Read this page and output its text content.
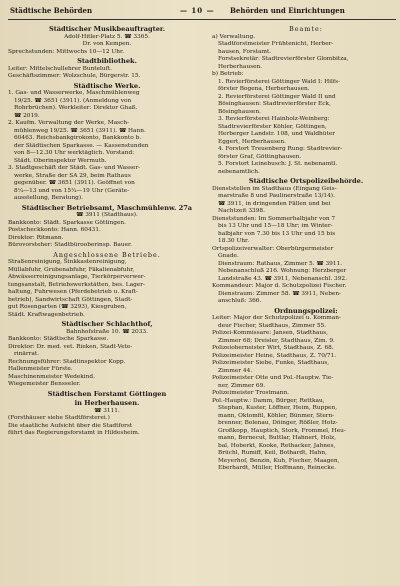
Städtische Behörden	— 10 — Behörden und Einrichtungen
Städtischer Musikbeauftragter.
Adolf-Hitler-Platz 5. ☎ 3365.
Dr. von Kempen.
Sprechstunden: Mittwochs 10—12 Uhr.
Stadtbibliothek.
Leiter: Mittelschullehrer Bunteluft.
Geschäftszimmer: Wolzschule, Bürgerstr. 15.
Städtische Werke.
1. Gas- und Wasserwerke, Maschmühlenweg
19/25. ☎ 3651 (3911). (Anmeldung von
Rohrbrüchen). Werkleiter: Direktor Ghaß.
☎ 2019.
2. Kaufm. Verwaltung der Werke, Masch-
mühlenweg 19/25. ☎ 3651 (3911). ☎ Hann.
60463. Reichsbankgirokonto, Bankkonto b.
der Städtischen Sparkasse. — Kassenstunden
von 8—12.30 Uhr werktäglich. Vorstand:
Städt. Oberinspektor Wermuth.
3. Stadtgeschäft der Städt. Gas- und Wasser-
werke, Straße der SA 29, beim Rathaus
gegenüber. ☎ 3651 (3911). Geöffnet von
8¼—13 und von 15¼—19 Uhr (Geräte-
ausstellung, Beratung).
Städtischer Betriebsamt, Maschmühlenw. 27a
☎ 3911 (Stadthaus).
Bankkonto: Städt. Sparkasse Göttingen.
Postscheckkonto: Hann. 60431.
Direktor: Ritmann.
Bürovorsteher: Stadtbürooberinsp. Bauer.
Angeschlossene Betriebe.
Straßenreinigung, Sinkkastenreinigung,
Müllabfuhr, Grubenabfuhr, Fäkalienabfuhr,
Abwässerreinigungsanlage, Tierkörperverwer-
tungsanstalt, Betriebswerkstätten, bes. Lager-
haltung, Fuhrwesen (Pferdebetrieb u. Kraft-
betrieb), Sandwirtschaft Göttingen, Stadt-
gut Rosengarten (☎ 3293), Kiesgruben,
Städt. Kraftwagenbetrieb.
Städtischer Schlachthof,
Bahnhofstraße 10. ☎ 2033.
Bankkonto: Städtische Sparkasse.
Direktor: Dr. med. vet. Rieken, Stadt-Vete-
rinärrat.
Rechnungsführer: Stadtinspektor Kopp.
Hallenmeister Fürste.
Maschinenmeister Wedekind.
Wiegemeister Bensseler.
Städtischen Forstamt Göttingen
in Herberhausen.
☎ 3111.
(Forsthäuser siehe Stadtförsterei.)
Die staatliche Aufsicht über die Stadtforst
führt das Regierungsforstamt in Hildesheim.
Beamte:
a) Verwaltung.
Stadtforstmeister Frühtenicht, Herber-
hausen, Forstamt.
Forstsekretär: Stadtrevierförster Glombitza,
Herberhausen.
b) Betrieb:
1. Revierförsterei Göttinger Wald I: Hilfs-
förster Bogena, Herberhausen.
2. Revierförsterei Göttinger Wald II und
Bösinghausen: Stadtrevierförster Eck,
Bösinghausen.
3. Revierförsterei Hainholz-Weinberg:
Stadtrevierförster Köhler, Göttingen,
Herberger Landstr. 108, und Waldhüter
Eggert, Herberhausen.
4. Forstort Treuenberg Rung: Stadtrevier-
förster Graf, Göttinghausen.
5. Forstort Leinebusch: J. St. nebenamtl.
nebenamtlich.
Städtische Ortspolizeibehörde.
Dienststellen im Stadthaus (Eingang Geis-
marstraße 8 und Paulinerstraße 13/14).
☎ 3911, in dringenden Fällen und bei
Nachtzeit 3398.
Dienststunden: Im Sommerhalbjahr von 7
bis 13 Uhr und 15—18 Uhr; im Winter-
halbjahr von 7.30 bis 13 Uhr und 15 bis
18.30 Uhr.
Ortspolizeiverwalter: Oberbürgermeister
Gnade.
Dienstraum: Rathaus, Zimmer 5. ☎ 3911.
Nebenanschluß 216. Wohnung: Herzberger
Landstraße 43. ☎ 3911, Nebenanschl. 392.
Kommandeur: Major d. Schutzpolizei Fischer.
Dienstraum: Zimmer 58. ☎ 3911, Neben-
anschluß: 366.
Ordnungspolizei:
Leiter: Major der Schutzpolizei u. Komman-
deur Fischer, Stadthaus, Zimmer 55.
Polizei-Kommissare: Jansen, Stadthaus,
Zimmer 68; Dreisler, Stadthaus, Zim. 9.
Polizeioberneister Wirt, Stadthaus, Z. 68.
Polizeimeister Heine, Stadthaus, Z. 70/71.
Polizeimeister Siebe, Funke, Stadthaus,
Zimmer 44.
Polizeimeister Otte und Pol.-Hauptw. Tie-
ner, Zimmer 69.
Polizeimeister Trostmann.
Pol.-Hauptw.: Damm, Bürger, Rettkau,
Stephan, Kuster, Löffner, Heim, Ruppen,
mann, Oktomfil, Köhler, Bünmer, Stern-
brenner, Bolenau, Döinger, Rößler, Hotz-
Großkopp, Hauptich, Stork, Frommel, Heu-
mann, Bernecut, Buttlar, Hahnert, Holz,
bal, Hoberkt, Kooke, Rethacker, Jahnes,
Brüchl, Rumiff, Keil, Bothardt, Hahn,
Meyerhof, Benzin, Kuh, Fischer, Maagen,
Eberhardt, Müller, Hoffmann, Reinecke.
